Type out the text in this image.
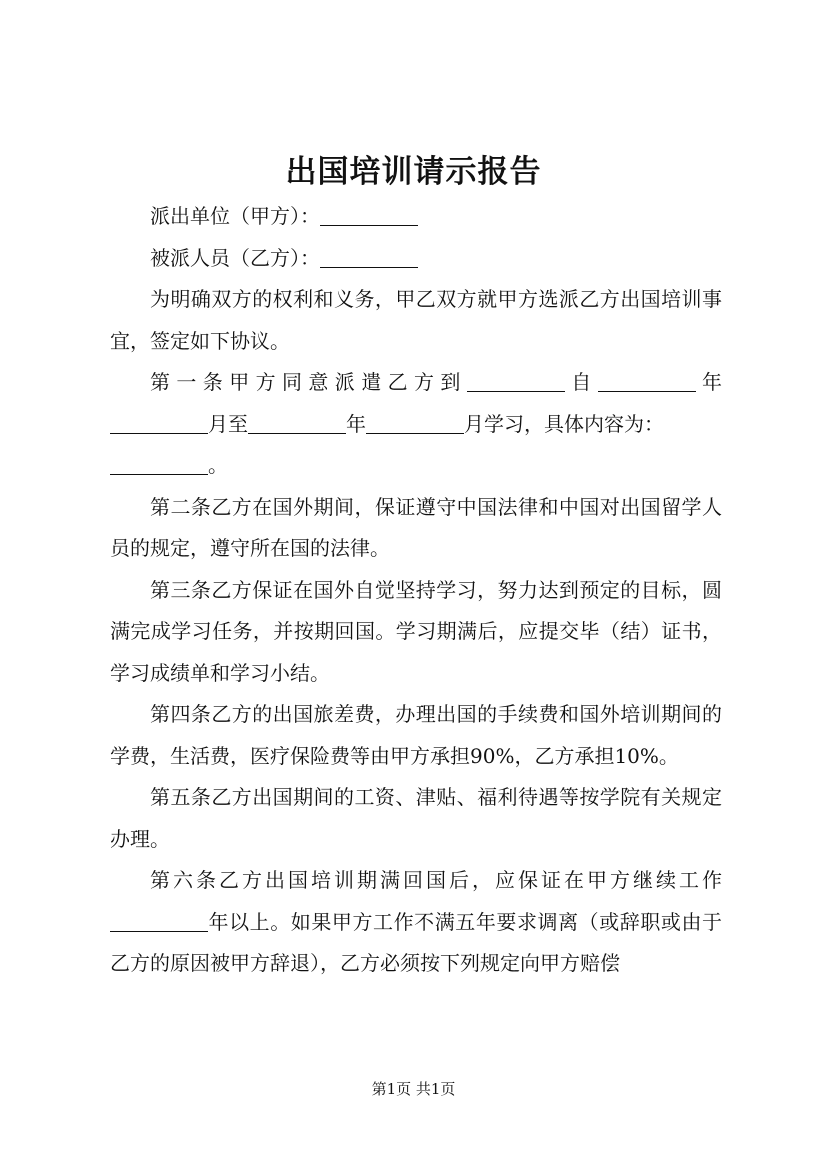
出国培训请示报告

派出单位（甲方）：

被派人员（乙方）：

为明确双方的权利和义务，甲乙双方就甲方选派乙方出国培训事宜，签定如下协议。

第一条甲方同意派遣乙方到	自	年月至	年	月学习，具体内容为：
。

第二条乙方在国外期间，保证遵守中国法律和中国对出国留学人员的规定，遵守所在国的法律。

第三条乙方保证在国外自觉坚持学习，努力达到预定的目标，圆满完成学习任务，并按期回国。学习期满后，应提交毕（结）证书，学习成绩单和学习小结。

第四条乙方的出国旅差费，办理出国的手续费和国外培训期间的学费，生活费，医疗保险费等由甲方承担90%，乙方承担10%。

第五条乙方出国期间的工资、津贴、福利待遇等按学院有关规定办理。

第六条乙方出国培训期满回国后，应保证在甲方继续工作年以上。如果甲方工作不满五年要求调离（或辞职或由于乙方的原因被甲方辞退），乙方必须按下列规定向甲方赔偿

第1页 共1页
